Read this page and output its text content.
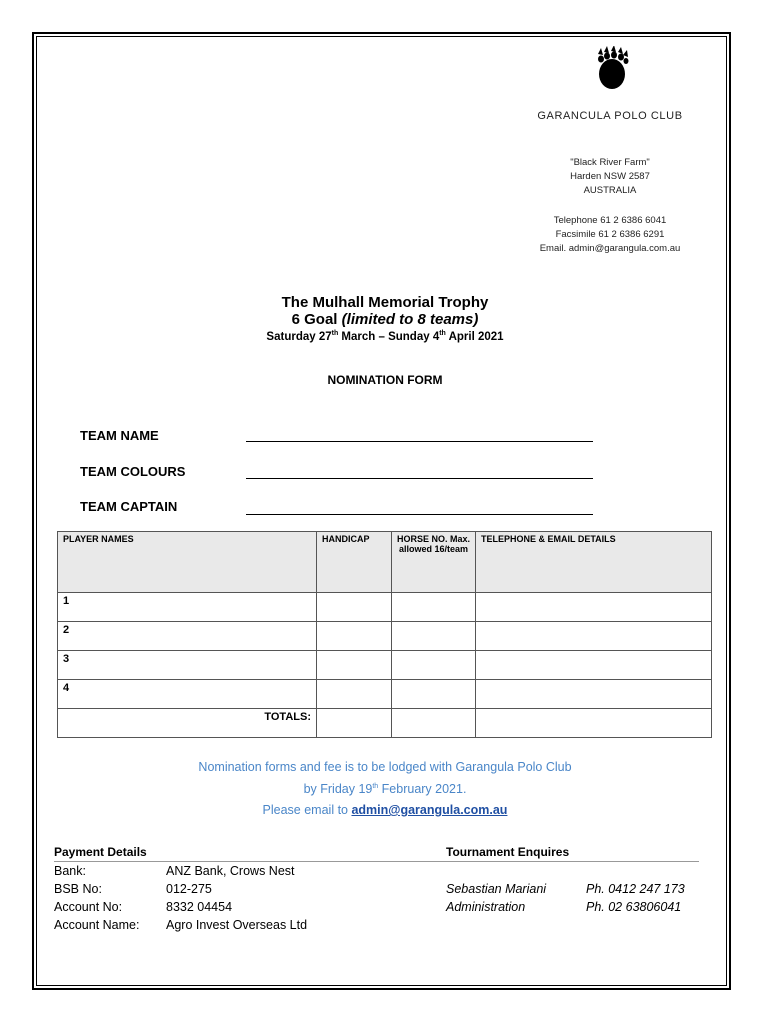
GARANCULA POLO CLUB
"Black River Farm"
Harden NSW 2587
AUSTRALIA
Telephone 61 2 6386 6041
Facsimile 61 2 6386 6291
Email. admin@garangula.com.au
The Mulhall Memorial Trophy
6 Goal (limited to 8 teams)
Saturday 27th March – Sunday 4th April 2021
NOMINATION FORM
TEAM NAME
TEAM COLOURS
TEAM CAPTAIN
PLAYER NAMES	HANDICAP	HORSE NO. Max. allowed 16/team	TELEPHONE & EMAIL DETAILS
1			
2			
3			
4			
TOTALS:			
Nomination forms and fee is to be lodged with Garangula Polo Club
by Friday 19th February 2021.
Please email to admin@garangula.com.au
Payment Details	Tournament Enquires
Bank:	ANZ Bank, Crows Nest
BSB No:	012-275
Account No:	8332 04454
Account Name: Agro Invest Overseas Ltd
Sebastian Mariani	Ph. 0412 247 173
Administration	Ph. 02 63806041
